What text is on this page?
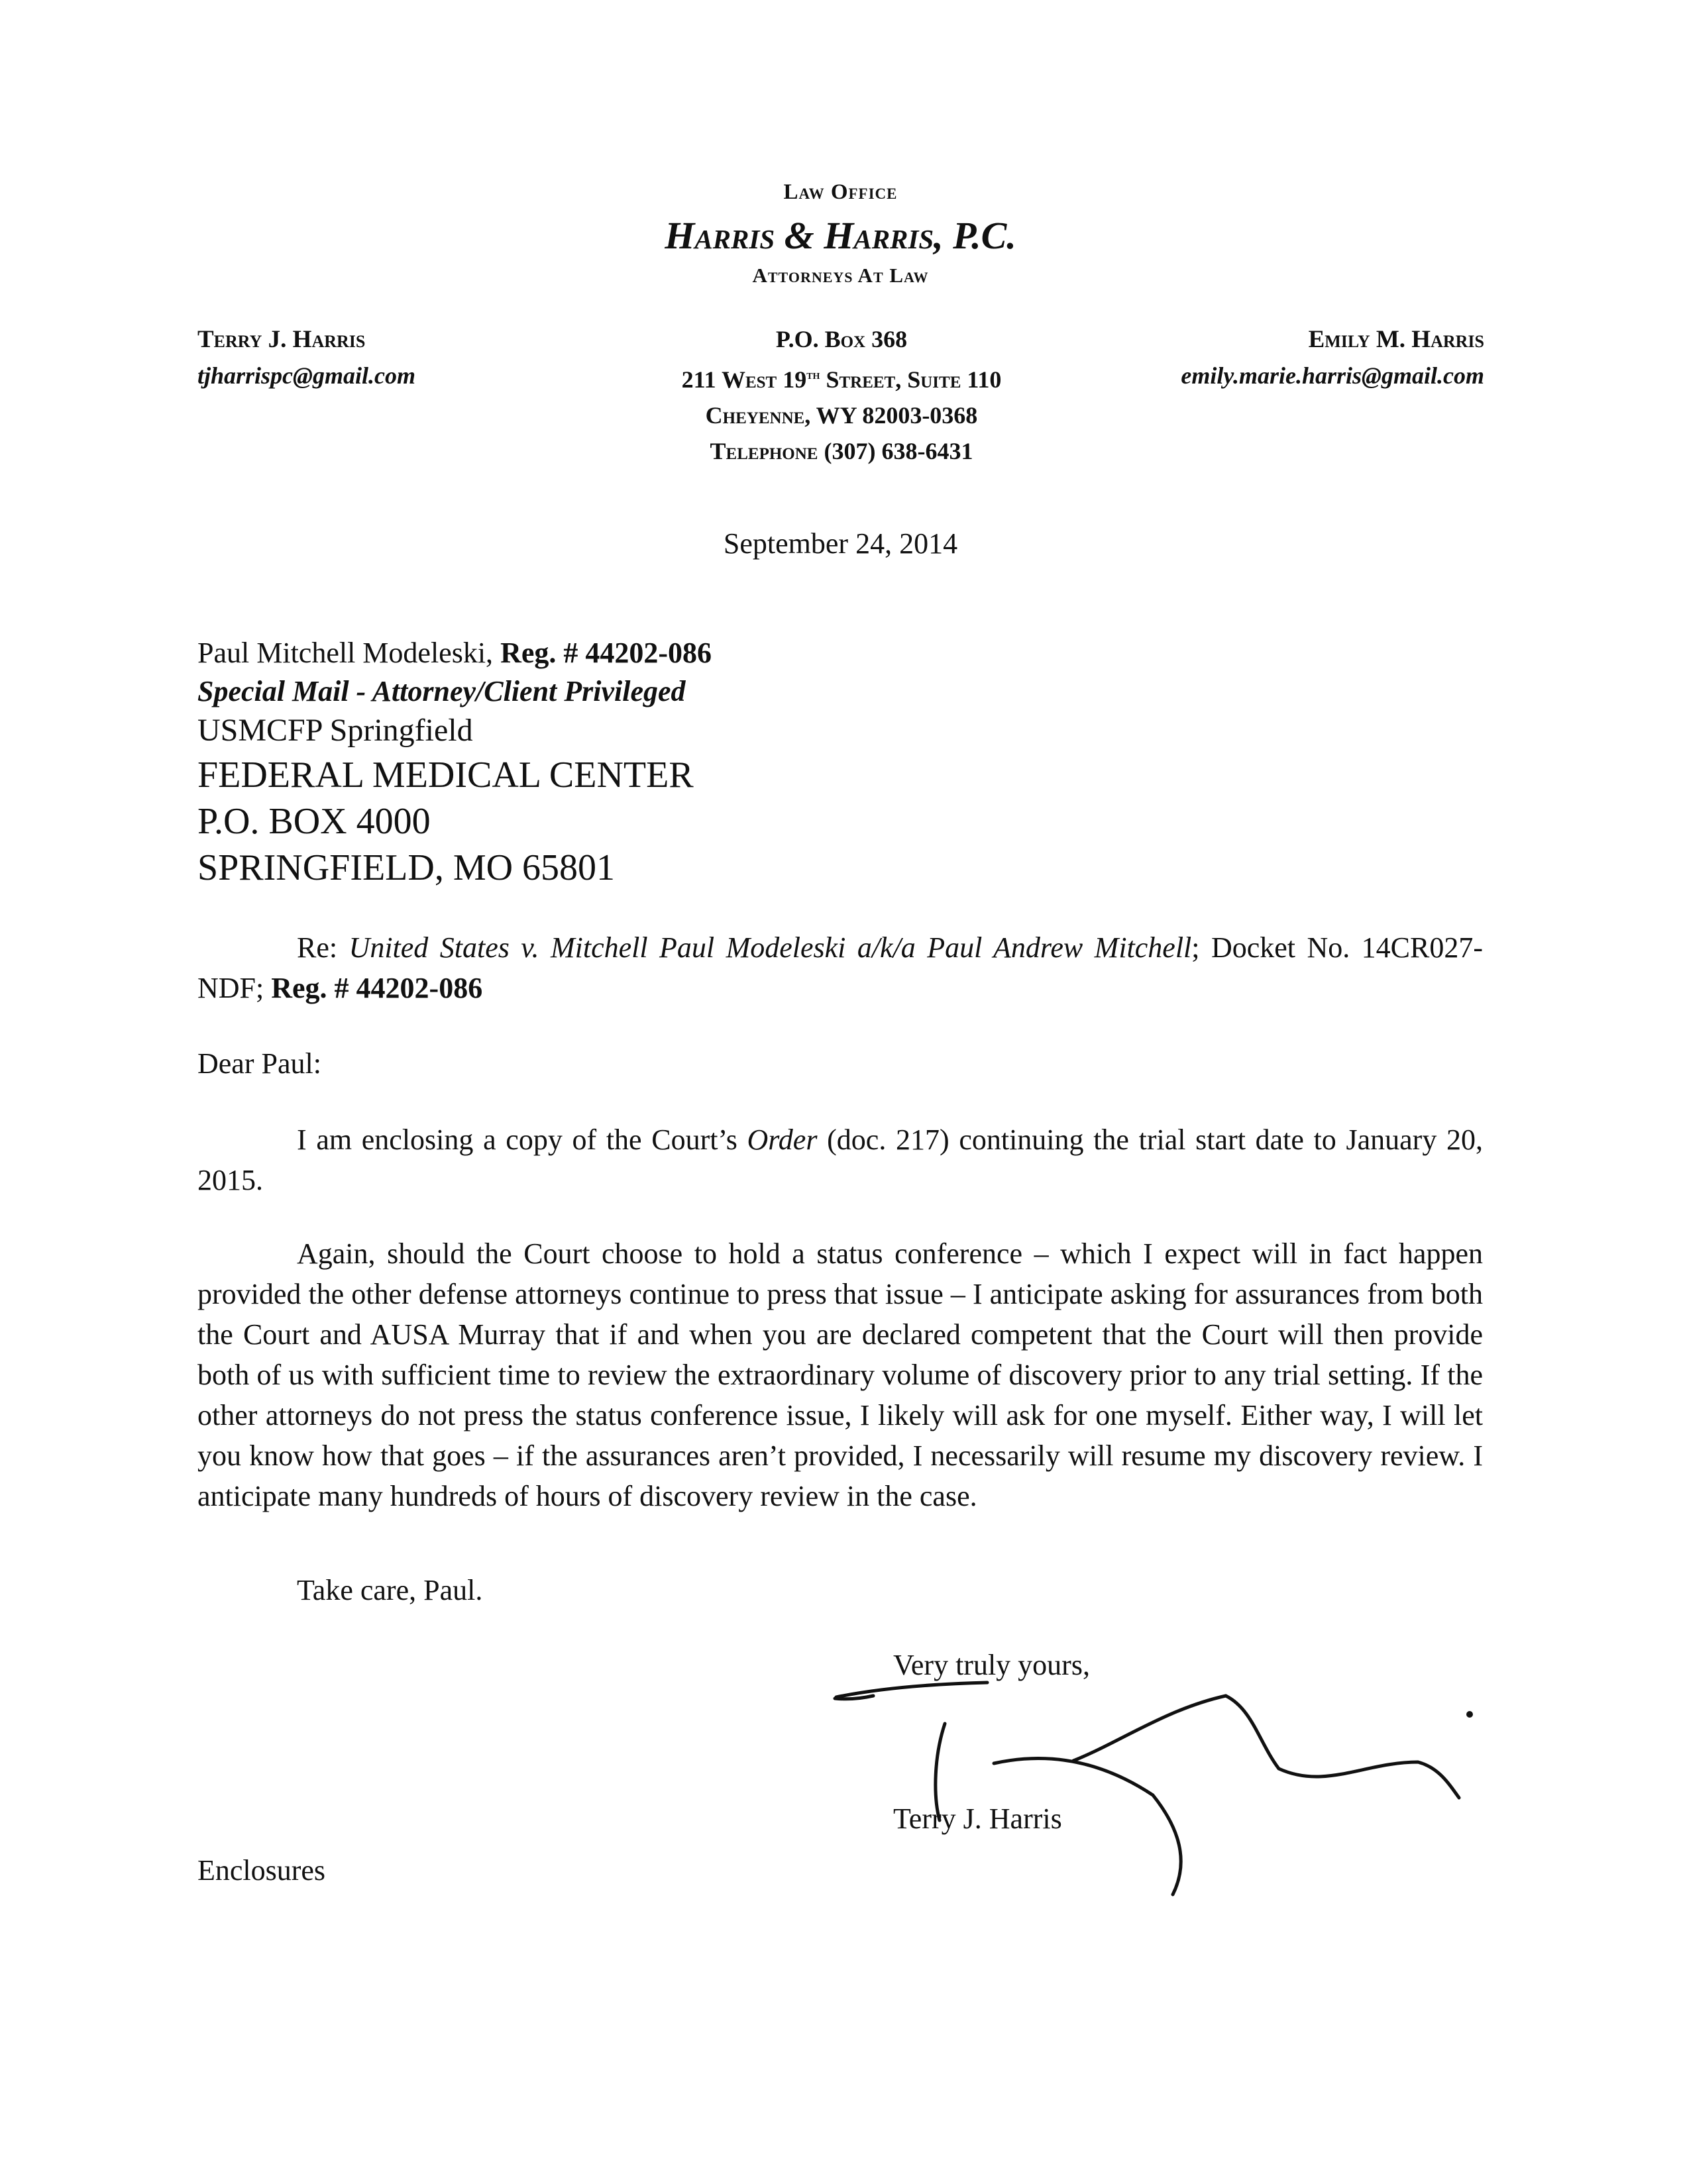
Law Office
Harris & Harris, P.C.
Attorneys At Law
Terry J. Harris
tjharrispc@gmail.com
P.O. Box 368
211 West 19th Street, Suite 110
Cheyenne, WY 82003-0368
Telephone (307) 638-6431
Emily M. Harris
emily.marie.harris@gmail.com
September 24, 2014
Paul Mitchell Modeleski, Reg. # 44202-086
Special Mail - Attorney/Client Privileged
USMCFP Springfield
FEDERAL MEDICAL CENTER
P.O. BOX 4000
SPRINGFIELD, MO 65801
Re: United States v. Mitchell Paul Modeleski a/k/a Paul Andrew Mitchell; Docket No. 14CR027-NDF; Reg. # 44202-086
Dear Paul:
I am enclosing a copy of the Court’s Order (doc. 217) continuing the trial start date to January 20, 2015.
Again, should the Court choose to hold a status conference – which I expect will in fact happen provided the other defense attorneys continue to press that issue – I anticipate asking for assurances from both the Court and AUSA Murray that if and when you are declared competent that the Court will then provide both of us with sufficient time to review the extraordinary volume of discovery prior to any trial setting. If the other attorneys do not press the status conference issue, I likely will ask for one myself. Either way, I will let you know how that goes – if the assurances aren’t provided, I necessarily will resume my discovery review. I anticipate many hundreds of hours of discovery review in the case.
Take care, Paul.
Very truly yours,
Terry J. Harris
Enclosures
